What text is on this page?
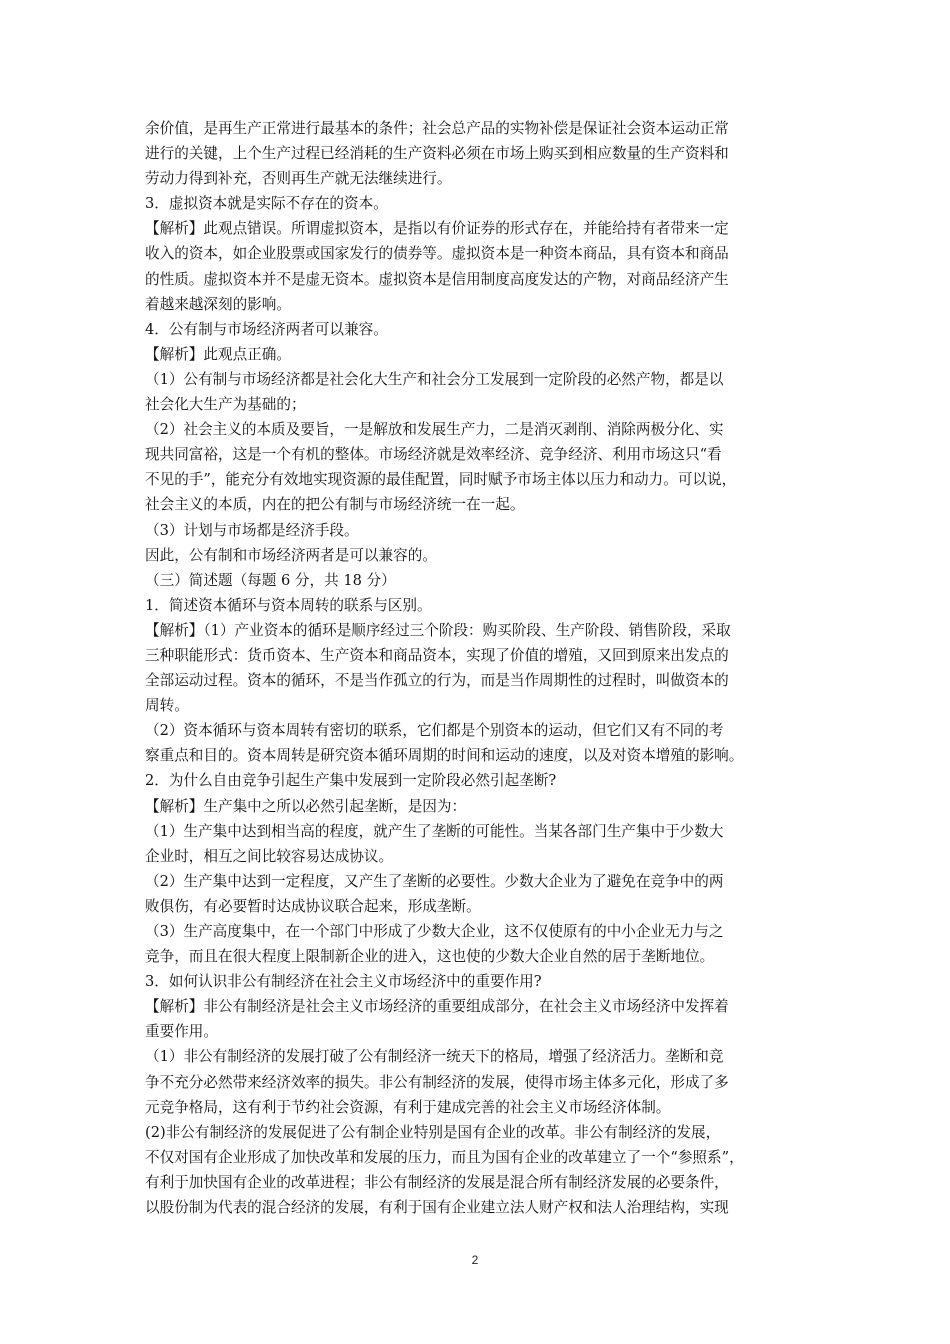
余价值，是再生产正常进行最基本的条件；社会总产品的实物补偿是保证社会资本运动正常
进行的关键，上个生产过程已经消耗的生产资料必须在市场上购买到相应数量的生产资料和
劳动力得到补充，否则再生产就无法继续进行。
3．虚拟资本就是实际不存在的资本。
【解析】此观点错误。所谓虚拟资本，是指以有价证券的形式存在，并能给持有者带来一定
收入的资本，如企业股票或国家发行的债券等。虚拟资本是一种资本商品，具有资本和商品
的性质。虚拟资本并不是虚无资本。虚拟资本是信用制度高度发达的产物，对商品经济产生
着越来越深刻的影响。
4．公有制与市场经济两者可以兼容。
【解析】此观点正确。
（1）公有制与市场经济都是社会化大生产和社会分工发展到一定阶段的必然产物，都是以
社会化大生产为基础的；
（2）社会主义的本质及要旨，一是解放和发展生产力，二是消灭剥削、消除两极分化、实
现共同富裕，这是一个有机的整体。市场经济就是效率经济、竞争经济、利用市场这只“看
不见的手”，能充分有效地实现资源的最佳配置，同时赋予市场主体以压力和动力。可以说，
社会主义的本质，内在的把公有制与市场经济统一在一起。
（3）计划与市场都是经济手段。
因此，公有制和市场经济两者是可以兼容的。
（三）简述题（每题 6 分，共 18 分）
1．简述资本循环与资本周转的联系与区别。
【解析】（1）产业资本的循环是顺序经过三个阶段：购买阶段、生产阶段、销售阶段，采取
三种职能形式：货币资本、生产资本和商品资本，实现了价值的增殖，又回到原来出发点的
全部运动过程。资本的循环，不是当作孤立的行为，而是当作周期性的过程时，叫做资本的
周转。
（2）资本循环与资本周转有密切的联系，它们都是个别资本的运动，但它们又有不同的考
察重点和目的。资本周转是研究资本循环周期的时间和运动的速度，以及对资本增殖的影响。
2．为什么自由竞争引起生产集中发展到一定阶段必然引起垄断?
【解析】生产集中之所以必然引起垄断，是因为：
（1）生产集中达到相当高的程度，就产生了垄断的可能性。当某各部门生产集中于少数大
企业时，相互之间比较容易达成协议。
（2）生产集中达到一定程度，又产生了垄断的必要性。少数大企业为了避免在竞争中的两
败俱伤，有必要暂时达成协议联合起来，形成垄断。
（3）生产高度集中，在一个部门中形成了少数大企业，这不仅使原有的中小企业无力与之
竞争，而且在很大程度上限制新企业的进入，这也使的少数大企业自然的居于垄断地位。
3．如何认识非公有制经济在社会主义市场经济中的重要作用?
【解析】非公有制经济是社会主义市场经济的重要组成部分，在社会主义市场经济中发挥着
重要作用。
（1）非公有制经济的发展打破了公有制经济一统天下的格局，增强了经济活力。垄断和竞
争不充分必然带来经济效率的损失。非公有制经济的发展，使得市场主体多元化，形成了多
元竞争格局，这有利于节约社会资源，有利于建成完善的社会主义市场经济体制。
(2)非公有制经济的发展促进了公有制企业特别是国有企业的改革。非公有制经济的发展，
不仅对国有企业形成了加快改革和发展的压力，而且为国有企业的改革建立了一个“参照系”，
有利于加快国有企业的改革进程；非公有制经济的发展是混合所有制经济发展的必要条件，
以股份制为代表的混合经济的发展，有利于国有企业建立法人财产权和法人治理结构，实现
2
